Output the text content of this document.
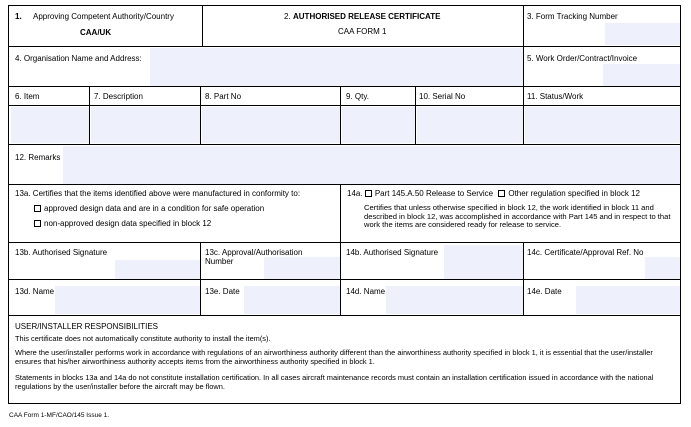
1. Approving Competent Authority/Country
CAA/UK
2. AUTHORISED RELEASE CERTIFICATE
CAA FORM 1
3. Form Tracking Number
4. Organisation Name and Address:	5. Work Order/Contract/Invoice
6. Item	7. Description	8. Part No	9. Qty.	10. Serial No	11. Status/Work
12. Remarks
13a. Certifies that the items identified above were manufactured in conformity to:
approved design data and are in a condition for safe operation
non-approved design data specified in block 12
14a. Part 145.A.50 Release to Service Other regulation specified in block 12
Certifies that unless otherwise specified in block 12, the work identified in block 11 and described in block 12, was accomplished in accordance with Part 145 and in respect to that work the items are considered ready for release to service.
13b. Authorised Signature	13c. Approval/Authorisation Number
14b. Authorised Signature	14c. Certificate/Approval Ref. No
13d. Name	13e. Date	14d. Name	14e. Date
USER/INSTALLER RESPONSIBILITIES
This certificate does not automatically constitute authority to install the item(s).
Where the user/installer performs work in accordance with regulations of an airworthiness authority different than the airworthiness authority specified in block 1, it is essential that the user/installer ensures that his/her airworthiness authority accepts items from the airworthiness authority specified in block 1.
Statements in blocks 13a and 14a do not constitute installation certification. In all cases aircraft maintenance records must contain an installation certification issued in accordance with the national regulations by the user/installer before the aircraft may be flown.
CAA Form 1-MF/CAO/145 Issue 1.
